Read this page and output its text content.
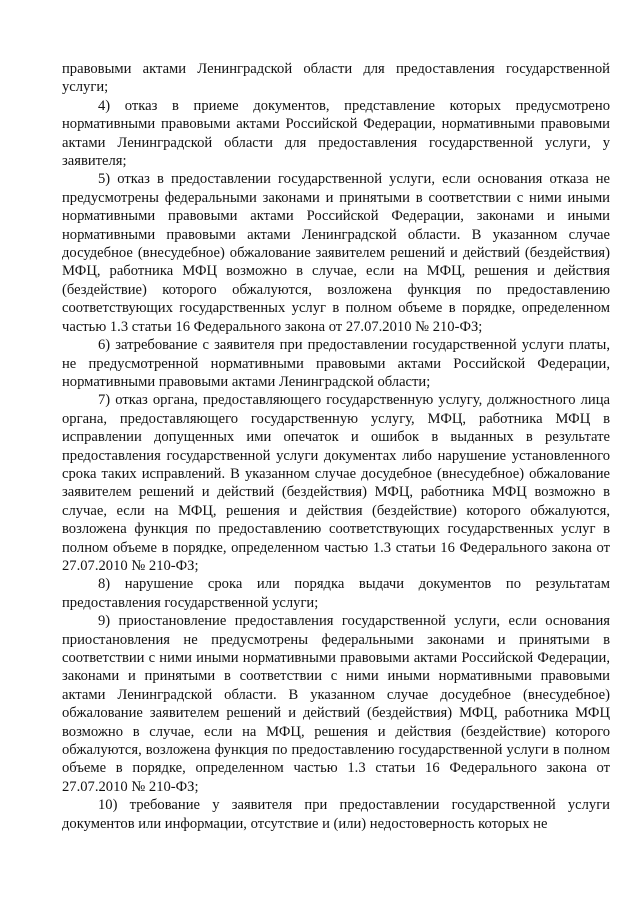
правовыми актами Ленинградской области для предоставления государственной услуги;

4) отказ в приеме документов, представление которых предусмотрено нормативными правовыми актами Российской Федерации, нормативными правовыми актами Ленинградской области для предоставления государственной услуги, у заявителя;

5) отказ в предоставлении государственной услуги, если основания отказа не предусмотрены федеральными законами и принятыми в соответствии с ними иными нормативными правовыми актами Российской Федерации, законами и иными нормативными правовыми актами Ленинградской области. В указанном случае досудебное (внесудебное) обжалование заявителем решений и действий (бездействия) МФЦ, работника МФЦ возможно в случае, если на МФЦ, решения и действия (бездействие) которого обжалуются, возложена функция по предоставлению соответствующих государственных услуг в полном объеме в порядке, определенном частью 1.3 статьи 16 Федерального закона от 27.07.2010 № 210-ФЗ;

6) затребование с заявителя при предоставлении государственной услуги платы, не предусмотренной нормативными правовыми актами Российской Федерации, нормативными правовыми актами Ленинградской области;

7) отказ органа, предоставляющего государственную услугу, должностного лица органа, предоставляющего государственную услугу, МФЦ, работника МФЦ в исправлении допущенных ими опечаток и ошибок в выданных в результате предоставления государственной услуги документах либо нарушение установленного срока таких исправлений. В указанном случае досудебное (внесудебное) обжалование заявителем решений и действий (бездействия) МФЦ, работника МФЦ возможно в случае, если на МФЦ, решения и действия (бездействие) которого обжалуются, возложена функция по предоставлению соответствующих государственных услуг в полном объеме в порядке, определенном частью 1.3 статьи 16 Федерального закона от 27.07.2010 № 210-ФЗ;

8) нарушение срока или порядка выдачи документов по результатам предоставления государственной услуги;

9) приостановление предоставления государственной услуги, если основания приостановления не предусмотрены федеральными законами и принятыми в соответствии с ними иными нормативными правовыми актами Российской Федерации, законами и принятыми в соответствии с ними иными нормативными правовыми актами Ленинградской области. В указанном случае досудебное (внесудебное) обжалование заявителем решений и действий (бездействия) МФЦ, работника МФЦ возможно в случае, если на МФЦ, решения и действия (бездействие) которого обжалуются, возложена функция по предоставлению государственной услуги в полном объеме в порядке, определенном частью 1.3 статьи 16 Федерального закона от 27.07.2010 № 210-ФЗ;

10) требование у заявителя при предоставлении государственной услуги документов или информации, отсутствие и (или) недостоверность которых не
